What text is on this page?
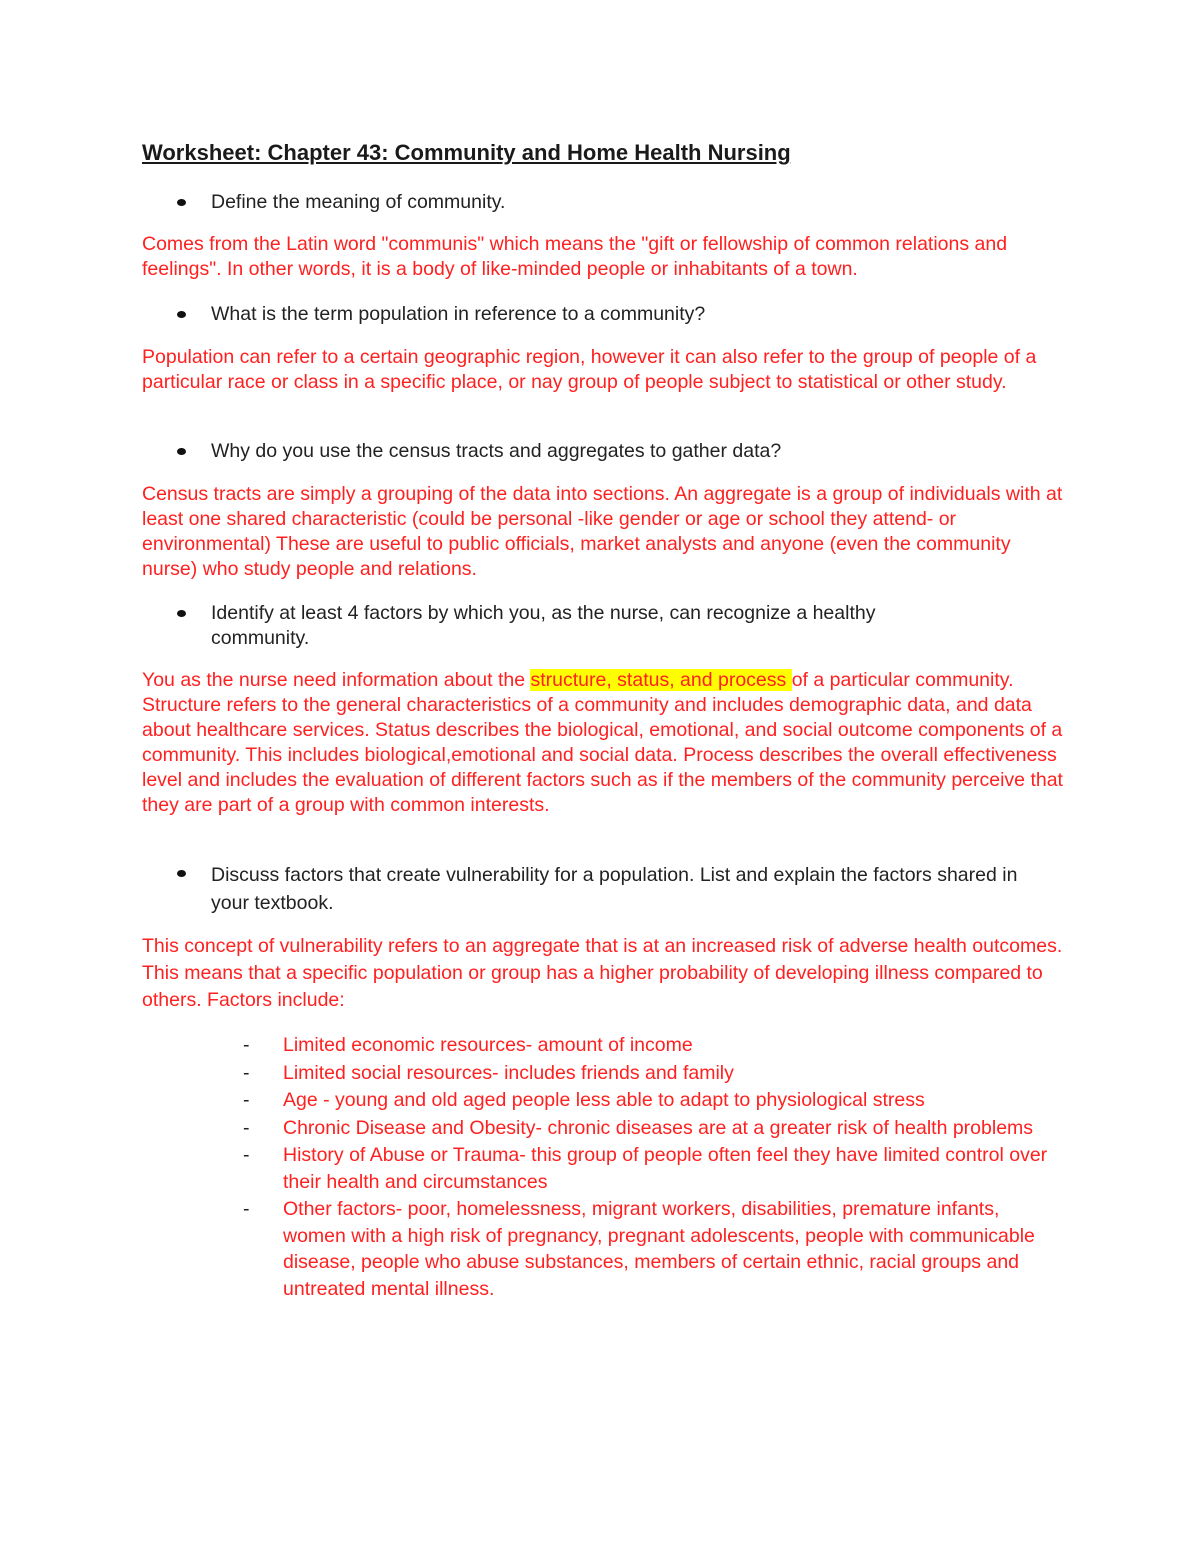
Worksheet: Chapter 43: Community and Home Health Nursing
Define the meaning of community.

Comes from the Latin word "communis" which means the "gift or fellowship of common relations and feelings". In other words, it is a body of like-minded people or inhabitants of a town.

What is the term population in reference to a community?

Population can refer to a certain geographic region, however it can also refer to the group of people of a particular race or class in a specific place, or nay group of people subject to statistical or other study.

Why do you use the census tracts and aggregates to gather data?

Census tracts are simply a grouping of the data into sections. An aggregate is a group of individuals with at least one shared characteristic (could be personal -like gender or age or school they attend- or environmental) These are useful to public officials, market analysts and anyone (even the community nurse) who study people and relations.

Identify at least 4 factors by which you, as the nurse, can recognize a healthy community.

You as the nurse need information about the structure, status, and process of a particular community. Structure refers to the general characteristics of a community and includes demographic data, and data about healthcare services. Status describes the biological, emotional, and social outcome components of a community. This includes biological,emotional and social data. Process describes the overall effectiveness level and includes the evaluation of different factors such as if the members of the community perceive that they are part of a group with common interests.

Discuss factors that create vulnerability for a population. List and explain the factors shared in your textbook.

This concept of vulnerability refers to an aggregate that is at an increased risk of adverse health outcomes. This means that a specific population or group has a higher probability of developing illness compared to others. Factors include:

- Limited economic resources- amount of income
- Limited social resources- includes friends and family
- Age - young and old aged people less able to adapt to physiological stress
- Chronic Disease and Obesity- chronic diseases are at a greater risk of health problems
- History of Abuse or Trauma- this group of people often feel they have limited control over their health and circumstances
- Other factors- poor, homelessness, migrant workers, disabilities, premature infants, women with a high risk of pregnancy, pregnant adolescents, people with communicable disease, people who abuse substances, members of certain ethnic, racial groups and untreated mental illness.
